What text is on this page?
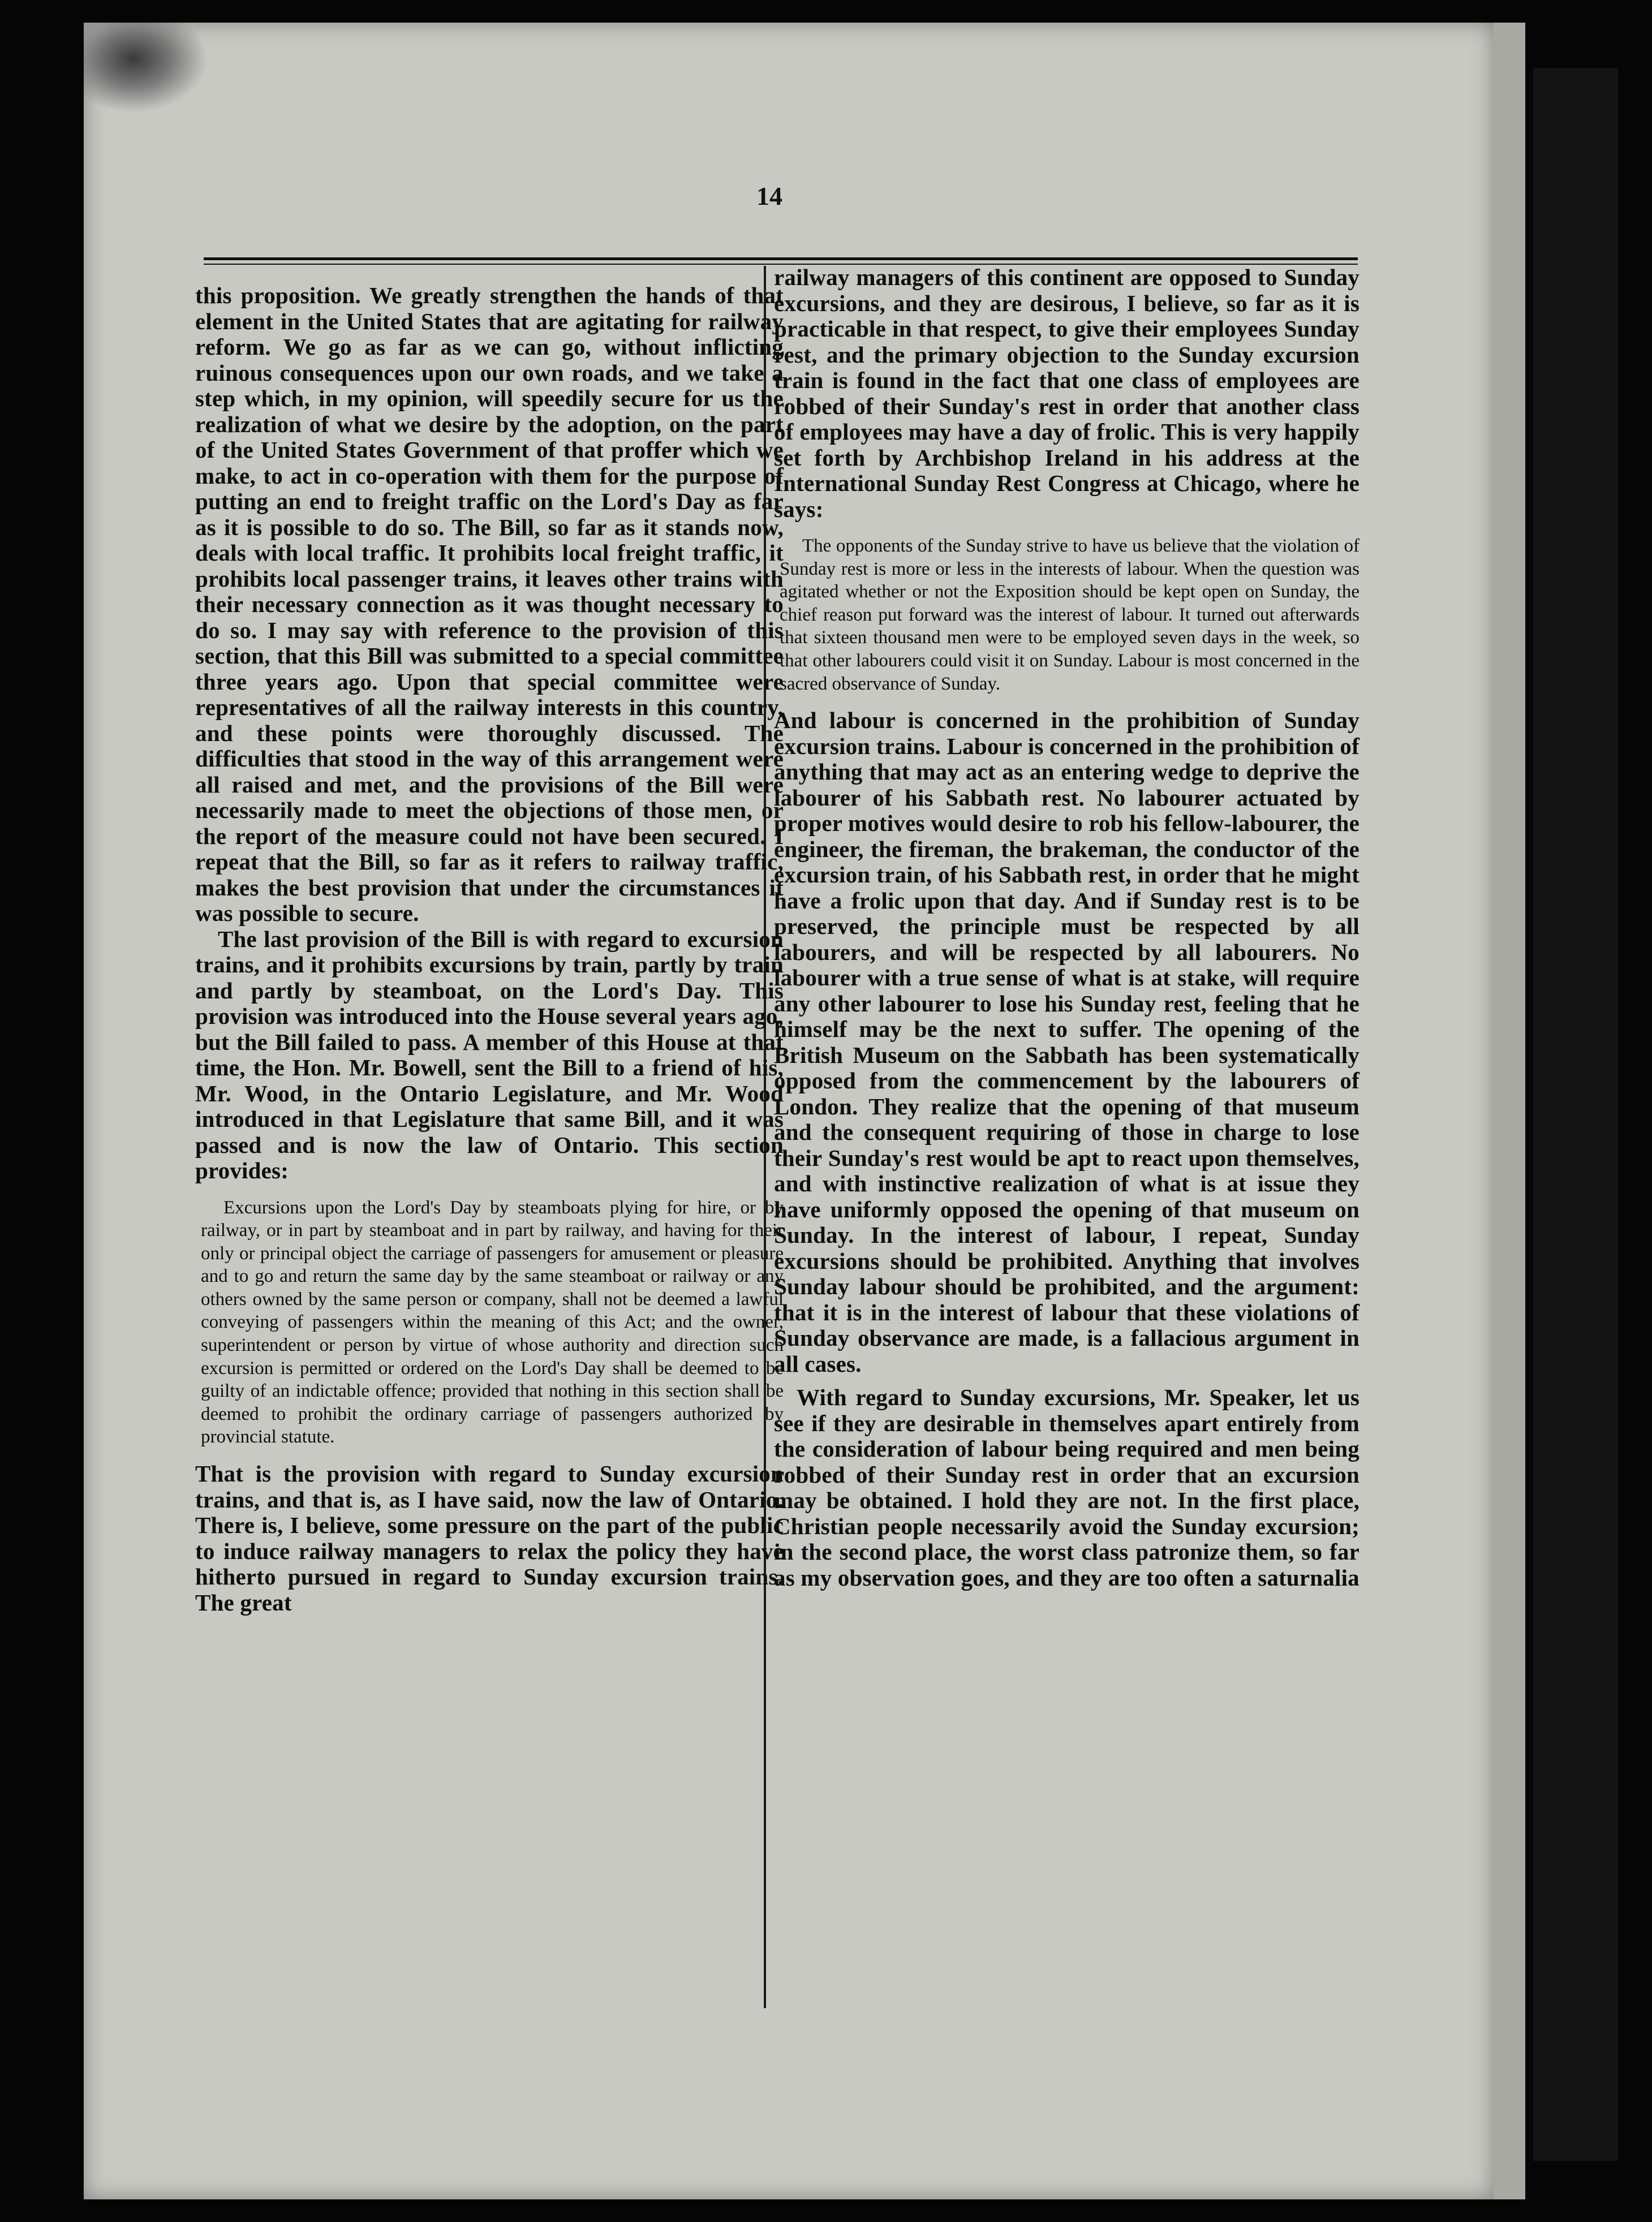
14

this proposition. We greatly strengthen the hands of that element in the United States that are agitating for railway reform. We go as far as we can go, without inflicting ruinous consequences upon our own roads, and we take a step which, in my opinion, will speedily secure for us the realization of what we desire by the adoption, on the part of the United States Government of that proffer which we make, to act in co-operation with them for the purpose of putting an end to freight traffic on the Lord's Day as far as it is possible to do so. The Bill, so far as it stands now, deals with local traffic. It prohibits local freight traffic, it prohibits local passenger trains, it leaves other trains with their necessary connection as it was thought necessary to do so. I may say with reference to the provision of this section, that this Bill was submitted to a special committee three years ago. Upon that special committee were representatives of all the railway interests in this country, and these points were thoroughly discussed. The difficulties that stood in the way of this arrangement were all raised and met, and the provisions of the Bill were necessarily made to meet the objections of those men, or the report of the measure could not have been secured. I repeat that the Bill, so far as it refers to railway traffic, makes the best provision that under the circumstances it was possible to secure.

The last provision of the Bill is with regard to excursion trains, and it prohibits excursions by train, partly by train and partly by steamboat, on the Lord's Day. This provision was introduced into the House several years ago, but the Bill failed to pass. A member of this House at that time, the Hon. Mr. Bowell, sent the Bill to a friend of his, Mr. Wood, in the Ontario Legislature, and Mr. Wood introduced in that Legislature that same Bill, and it was passed and is now the law of Ontario. This section provides:

Excursions upon the Lord's Day by steamboats plying for hire, or by railway, or in part by steamboat and in part by railway, and having for their only or principal object the carriage of passengers for amusement or pleasure and to go and return the same day by the same steamboat or railway or any others owned by the same person or company, shall not be deemed a lawful conveying of passengers within the meaning of this Act; and the owner, superintendent or person by virtue of whose authority and direction such excursion is permitted or ordered on the Lord's Day shall be deemed to be guilty of an indictable offence; provided that nothing in this section shall be deemed to prohibit the ordinary carriage of passengers authorized by provincial statute.

That is the provision with regard to Sunday excursion trains, and that is, as I have said, now the law of Ontario. There is, I believe, some pressure on the part of the public to induce railway managers to relax the policy they have hitherto pursued in regard to Sunday excursion trains. The great

railway managers of this continent are opposed to Sunday excursions, and they are desirous, I believe, so far as it is practicable in that respect, to give their employees Sunday rest, and the primary objection to the Sunday excursion train is found in the fact that one class of employees are robbed of their Sunday's rest in order that another class of employees may have a day of frolic. This is very happily set forth by Archbishop Ireland in his address at the International Sunday Rest Congress at Chicago, where he says:

The opponents of the Sunday strive to have us believe that the violation of Sunday rest is more or less in the interests of labour. When the question was agitated whether or not the Exposition should be kept open on Sunday, the chief reason put forward was the interest of labour. It turned out afterwards that sixteen thousand men were to be employed seven days in the week, so that other labourers could visit it on Sunday. Labour is most concerned in the sacred observance of Sunday.

And labour is concerned in the prohibition of Sunday excursion trains. Labour is concerned in the prohibition of anything that may act as an entering wedge to deprive the labourer of his Sabbath rest. No labourer actuated by proper motives would desire to rob his fellow-labourer, the engineer, the fireman, the brakeman, the conductor of the excursion train, of his Sabbath rest, in order that he might have a frolic upon that day. And if Sunday rest is to be preserved, the principle must be respected by all labourers, and will be respected by all labourers. No labourer with a true sense of what is at stake, will require any other labourer to lose his Sunday rest, feeling that he himself may be the next to suffer. The opening of the British Museum on the Sabbath has been systematically opposed from the commencement by the labourers of London. They realize that the opening of that museum and the consequent requiring of those in charge to lose their Sunday's rest would be apt to react upon themselves, and with instinctive realization of what is at issue they have uniformly opposed the opening of that museum on Sunday. In the interest of labour, I repeat, Sunday excursions should be prohibited. Anything that involves Sunday labour should be prohibited, and the argument: that it is in the interest of labour that these violations of Sunday observance are made, is a fallacious argument in all cases.

With regard to Sunday excursions, Mr. Speaker, let us see if they are desirable in themselves apart entirely from the consideration of labour being required and men being robbed of their Sunday rest in order that an excursion may be obtained. I hold they are not. In the first place, Christian people necessarily avoid the Sunday excursion; in the second place, the worst class patronize them, so far as my observation goes, and they are too often a saturnalia
